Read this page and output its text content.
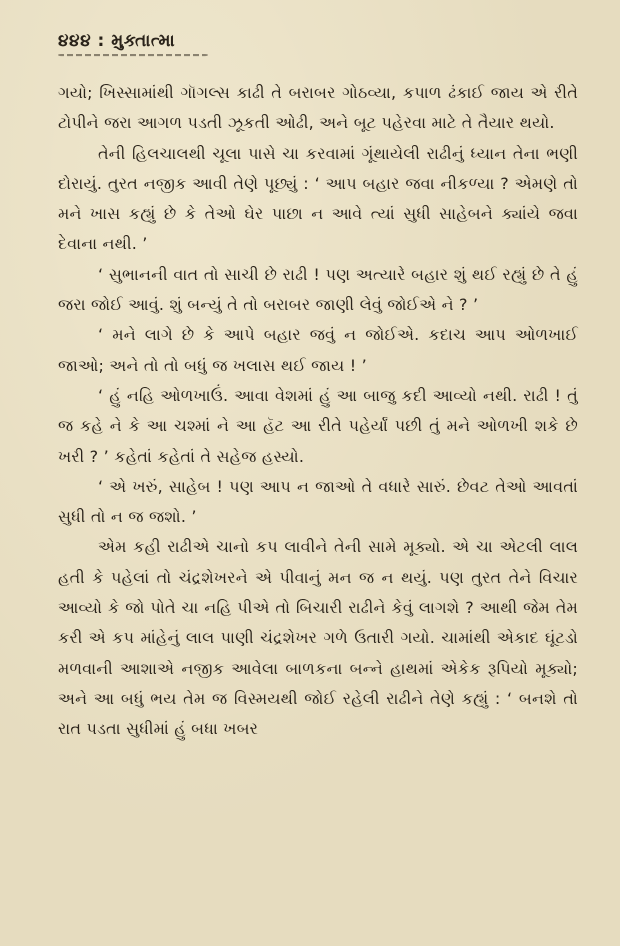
૪૪૪ : મુક્તાત્મા

ગયો; ખિસ્સામાંથી ગૉગલ્સ કાઢી તે બરાબર ગોઠવ્યા, કપાળ ઢંકાઈ જાય એ રીતે ટોપીને જરા આગળ પડતી ઝૂકતી ઓઢી, અને બૂટ પહેરવા માટે તે તૈયાર થયો.

તેની હિલચાલથી ચૂલા પાસે ચા કરવામાં ગૂંથાયેલી રાઢીનું ધ્યાન તેના ભણી દોરાયું. તુરત નજીક આવી તેણે પૂછ્યું : ‘ આપ બહાર જવા નીકળ્યા ? એમણે તો મને ખાસ કહ્યું છે કે તેઓ ઘેર પાછા ન આવે ત્યાં સુધી સાહેબને ક્યાંયે જવા દેવાના નથી. ’

‘ સુભાનની વાત તો સાચી છે રાઢી ! પણ અત્યારે બહાર શું થઈ રહ્યું છે તે હું જરા જોઈ આવું. શું બન્યું તે તો બરાબર જાણી લેવું જોઈએ ને ? ’

‘ મને લાગે છે કે આપે બહાર જવું ન જોઈએ. કદાચ આપ ઓળખાઈ જાઓ; અને તો તો બધું જ ખલાસ થઈ જાય ! ’

‘ હું નહિ ઓળખાઉં. આવા વેશમાં હું આ બાજુ કદી આવ્યો નથી. રાઢી ! તું જ કહે ને કે આ ચશ્માં ને આ હૅટ આ રીતે પહેર્યાં પછી તું મને ઓળખી શકે છે ખરી ? ’ કહેતાં કહેતાં તે સહેજ હસ્યો.

‘ એ ખરું, સાહેબ ! પણ આપ ન જાઓ તે વધારે સારું. છેવટ તેઓ આવતાં સુધી તો ન જ જશો. ’

એમ કહી રાઢીએ ચાનો કપ લાવીને તેની સામે મૂક્યો. એ ચા એટલી લાલ હતી કે પહેલાં તો ચંદ્રશેખરને એ પીવાનું મન જ ન થયું. પણ તુરત તેને વિચાર આવ્યો કે જો પોતે ચા નહિ પીએ તો બિચારી રાઢીને કેવું લાગશે ? આથી જેમ તેમ કરી એ કપ માંહેનું લાલ પાણી ચંદ્રશેખર ગળે ઉતારી ગયો. ચામાંથી એકાદ ઘૂંટડો મળવાની આશાએ નજીક આવેલા બાળકના બન્ને હાથમાં એકેક રૂપિયો મૂક્યો; અને આ બધું ભય તેમ જ વિસ્મયથી જોઈ રહેલી રાઢીને તેણે કહ્યું : ‘ બનશે તો રાત પડતા સુધીમાં હું બધા ખબર
